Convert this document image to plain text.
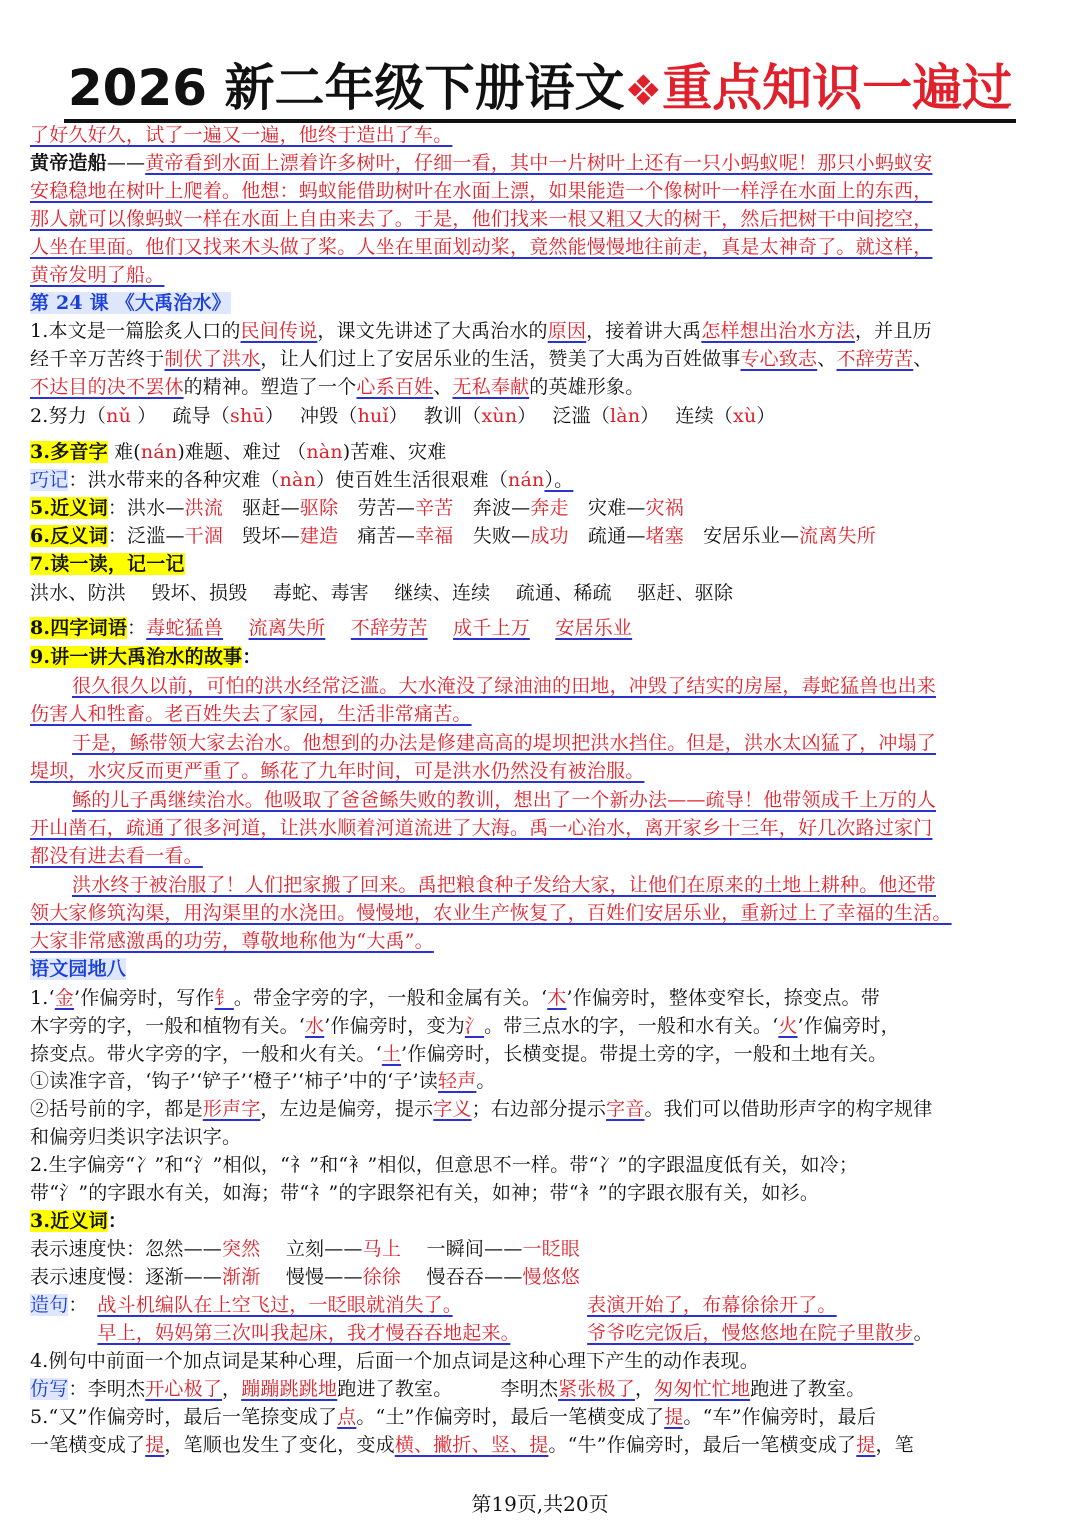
2026 新二年级下册语文❖重点知识一遍过
了好久好久，试了一遍又一遍，他终于造出了车。
黄帝造船——黄帝看到水面上漂着许多树叶，仔细一看，其中一片树叶上还有一只小蚂蚁呢！那只小蚂蚁安
安稳稳地在树叶上爬着。他想：蚂蚁能借助树叶在水面上漂，如果能造一个像树叶一样浮在水面上的东西，
那人就可以像蚂蚁一样在水面上自由来去了。于是，他们找来一根又粗又大的树干，然后把树干中间挖空，
人坐在里面。他们又找来木头做了桨。人坐在里面划动桨，竟然能慢慢地往前走，真是太神奇了。就这样，
黄帝发明了船。
第 24 课 《大禹治水》
1.本文是一篇脍炙人口的民间传说，课文先讲述了大禹治水的原因，接着讲大禹怎样想出治水方法，并且历
经千辛万苦终于制伏了洪水，让人们过上了安居乐业的生活，赞美了大禹为百姓做事专心致志、不辞劳苦、
不达目的决不罢休的精神。塑造了一个心系百姓、无私奉献的英雄形象。
2.努力（nǔ ）　 疏导（shū）　 冲毁（huǐ）　 教训（xùn）　 泛滥（làn）　 连续（xù）
3.多音字 难(nán)难题、难过 （nàn)苦难、灾难
巧记：洪水带来的各种灾难（nàn）使百姓生活很艰难（nán）。
5.近义词：洪水—洪流　驱赶—驱除　劳苦—辛苦　奔波—奔走　灾难—灾祸
6.反义词：泛滥—干涸　毁坏—建造　痛苦—幸福　失败—成功　疏通—堵塞　安居乐业—流离失所
7.读一读，记一记
洪水、防洪　 毁坏、损毁　 毒蛇、毒害　 继续、连续　 疏通、稀疏　 驱赶、驱除
8.四字词语：毒蛇猛兽　 流离失所　 不辞劳苦　 成千上万　 安居乐业
9.讲一讲大禹治水的故事：
很久很久以前，可怕的洪水经常泛滥。大水淹没了绿油油的田地，冲毁了结实的房屋，毒蛇猛兽也出来
伤害人和牲畜。老百姓失去了家园，生活非常痛苦。
于是，鲧带领大家去治水。他想到的办法是修建高高的堤坝把洪水挡住。但是，洪水太凶猛了，冲塌了
堤坝，水灾反而更严重了。鲧花了九年时间，可是洪水仍然没有被治服。
鲧的儿子禹继续治水。他吸取了爸爸鲧失败的教训，想出了一个新办法——疏导！他带领成千上万的人
开山凿石，疏通了很多河道，让洪水顺着河道流进了大海。禹一心治水，离开家乡十三年，好几次路过家门
都没有进去看一看。
洪水终于被治服了！人们把家搬了回来。禹把粮食种子发给大家，让他们在原来的土地上耕种。他还带
领大家修筑沟渠，用沟渠里的水浇田。慢慢地，农业生产恢复了，百姓们安居乐业，重新过上了幸福的生活。
大家非常感激禹的功劳，尊敬地称他为“大禹”。
语文园地八
1.‘金’作偏旁时，写作钅。带金字旁的字，一般和金属有关。‘木’作偏旁时，整体变窄长，捺变点。带
木字旁的字，一般和植物有关。‘水’作偏旁时，变为氵。带三点水的字，一般和水有关。‘火’作偏旁时，
捺变点。带火字旁的字，一般和火有关。‘土’作偏旁时，长横变提。带提土旁的字，一般和土地有关。
①读准字音，‘钩子’‘铲子’‘橙子’‘柿子’中的‘子’读轻声。
②括号前的字，都是形声字，左边是偏旁，提示字义；右边部分提示字音。我们可以借助形声字的构字规律
和偏旁归类识字法识字。
2.生字偏旁“冫”和“氵”相似，“礻”和“衤”相似，但意思不一样。带“冫”的字跟温度低有关，如冷；
带“氵”的字跟水有关，如海；带“礻”的字跟祭祀有关，如神；带“衤”的字跟衣服有关，如衫。
3.近义词：
表示速度快：忽然——突然　 立刻——马上　 一瞬间——一眨眼
表示速度慢：逐渐——渐渐　 慢慢——徐徐　 慢吞吞——慢悠悠
造句：　战斗机编队在上空飞过，一眨眼就消失了。　　　　　　　	表演开始了，布幕徐徐开了。
　 早上，妈妈第三次叫我起床，我才慢吞吞地起来。　　　　	爷爷吃完饭后，慢悠悠地在院子里散步。
4.例句中前面一个加点词是某种心理，后面一个加点词是这种心理下产生的动作表现。
仿写：李明杰开心极了，蹦蹦跳跳地跑进了教室。　　　李明杰紧张极了，匆匆忙忙地跑进了教室。
5.“又”作偏旁时，最后一笔捺变成了点。“土”作偏旁时，最后一笔横变成了提。“车”作偏旁时，最后
一笔横变成了提，笔顺也发生了变化，变成横、撇折、竖、提。“牛”作偏旁时，最后一笔横变成了提，笔
第19页,共20页
